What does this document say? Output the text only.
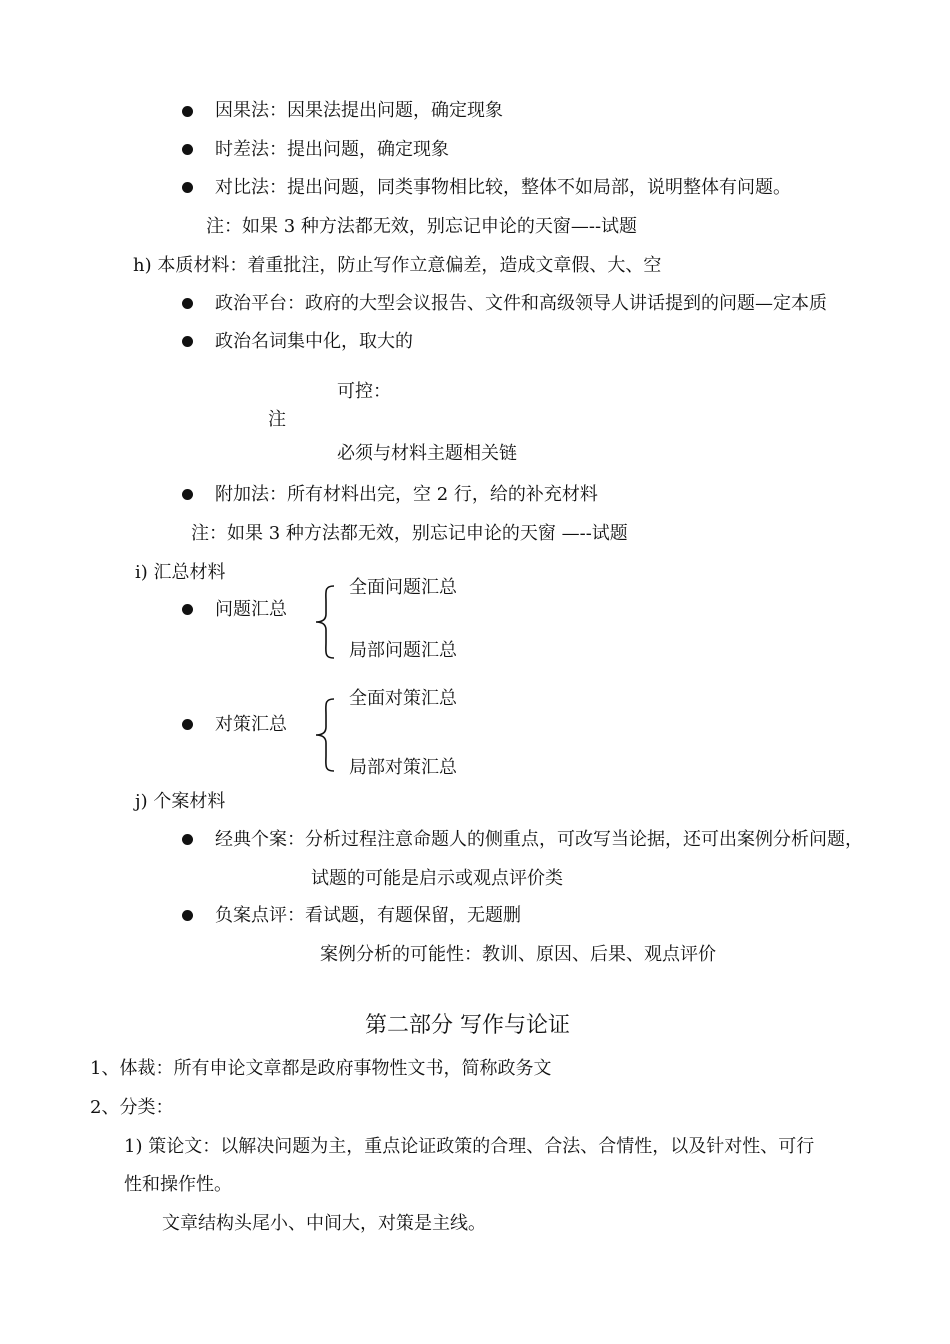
因果法：因果法提出问题，确定现象
时差法：提出问题，确定现象
对比法：提出问题，同类事物相比较，整体不如局部，说明整体有问题。
注：如果 3 种方法都无效，别忘记申论的天窗—--试题
h) 本质材料：着重批注，防止写作立意偏差，造成文章假、大、空
政治平台：政府的大型会议报告、文件和高级领导人讲话提到的问题—定本质
政治名词集中化，取大的
可控：
注
必须与材料主题相关链
附加法：所有材料出完，空 2 行，给的补充材料
注：如果 3 种方法都无效，别忘记申论的天窗 —--试题
i) 汇总材料
问题汇总
全面问题汇总
局部问题汇总
对策汇总
全面对策汇总
局部对策汇总
j) 个案材料
经典个案：分析过程注意命题人的侧重点，可改写当论据，还可出案例分析问题，
试题的可能是启示或观点评价类
负案点评：看试题，有题保留，无题删
案例分析的可能性：教训、原因、后果、观点评价
第二部分 写作与论证
1、体裁：所有申论文章都是政府事物性文书，简称政务文
2、分类：
1) 策论文：以解决问题为主，重点论证政策的合理、合法、合情性，以及针对性、可行
性和操作性。
文章结构头尾小、中间大，对策是主线。
